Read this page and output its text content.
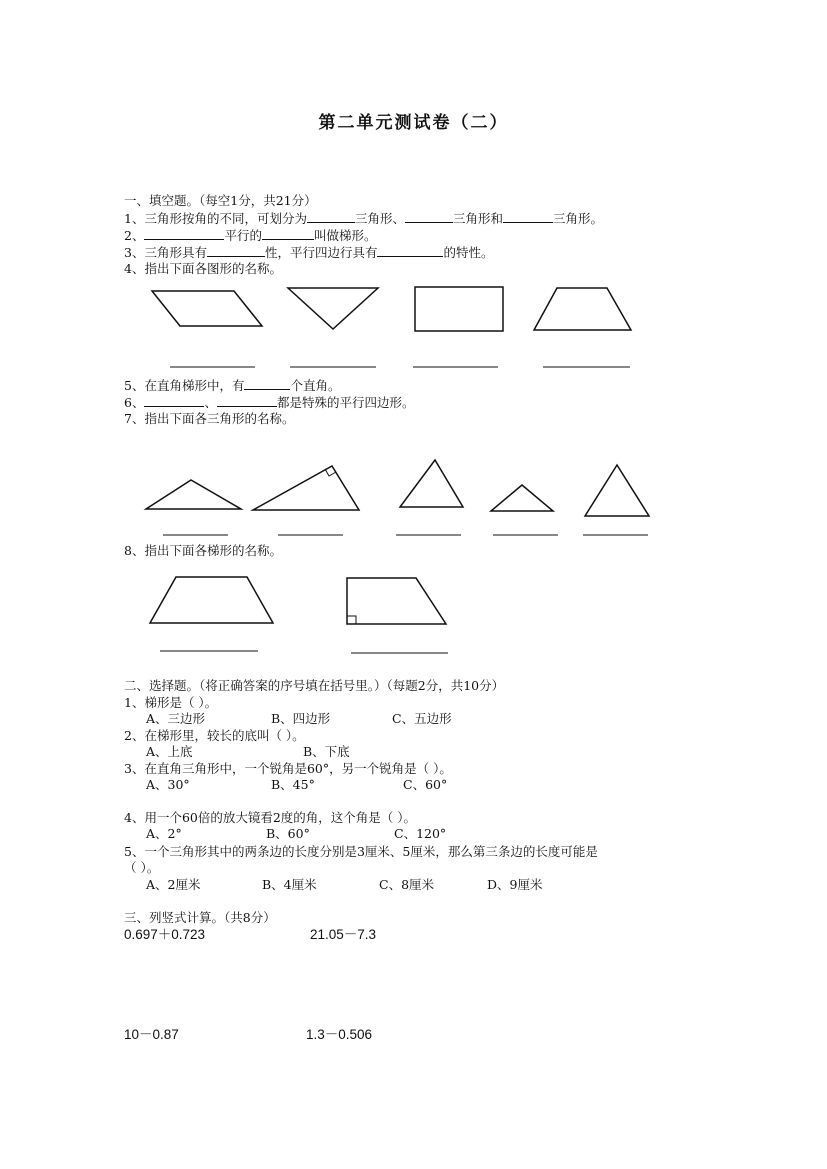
第二单元测试卷（二）
一、填空题。（每空1分，共21分）
1、三角形按角的不同，可划分为	三角形、	三角形和	三角形。
2、	平行的	叫做梯形。
3、三角形具有	性，平行四边行具有	的特性。
4、指出下面各图形的名称。
5、在直角梯形中，有	个直角。
6、	、	都是特殊的平行四边形。
7、指出下面各三角形的名称。
8、指出下面各梯形的名称。
二、选择题。（将正确答案的序号填在括号里。）（每题2分，共10分）
1、梯形是（ ）。
A、三边形	B、四边形	C、五边形
2、在梯形里，较长的底叫（ ）。
A、上底	B、下底
3、在直角三角形中，一个锐角是60°，另一个锐角是（ ）。
A、30°	B、45°	C、60°
4、用一个60倍的放大镜看2度的角，这个角是（ ）。
A、2°	B、60°	C、120°
5、一个三角形其中的两条边的长度分别是3厘米、5厘米，那么第三条边的长度可能是
（ ）。
A、2厘米	B、4厘米	C、8厘米	D、9厘米
三、列竖式计算。（共8分）
0.697＋0.723	21.05－7.3
10－0.87	1.3－0.506
